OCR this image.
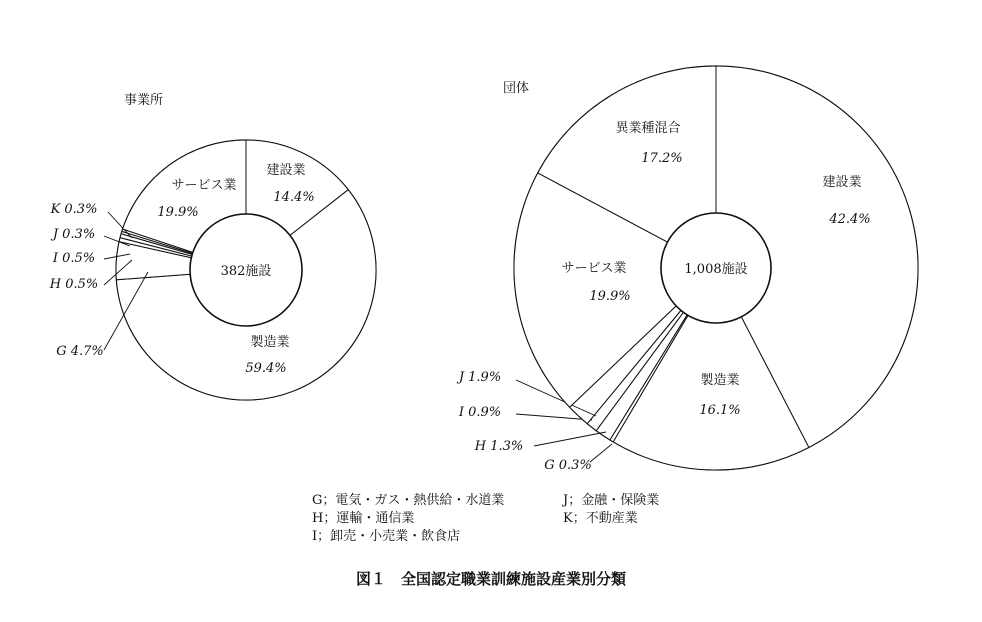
建設業
14.4%
製造業
59.4%
G 4.7%
H 0.5%
I 0.5%
J 0.3%
K 0.3%
サービス業
19.9%
382施設
事業所
建設業
42.4%
製造業
16.1%
G 0.3%
H 1.3%
I 0.9%
J 1.9%
サービス業
19.9%
異業種混合
17.2%
1,008施設
団体
G；電気・ガス・熱供給・水道業
H；運輸・通信業
I；卸売・小売業・飲食店
J；金融・保険業
K；不動産業
図１　全国認定職業訓練施設産業別分類
